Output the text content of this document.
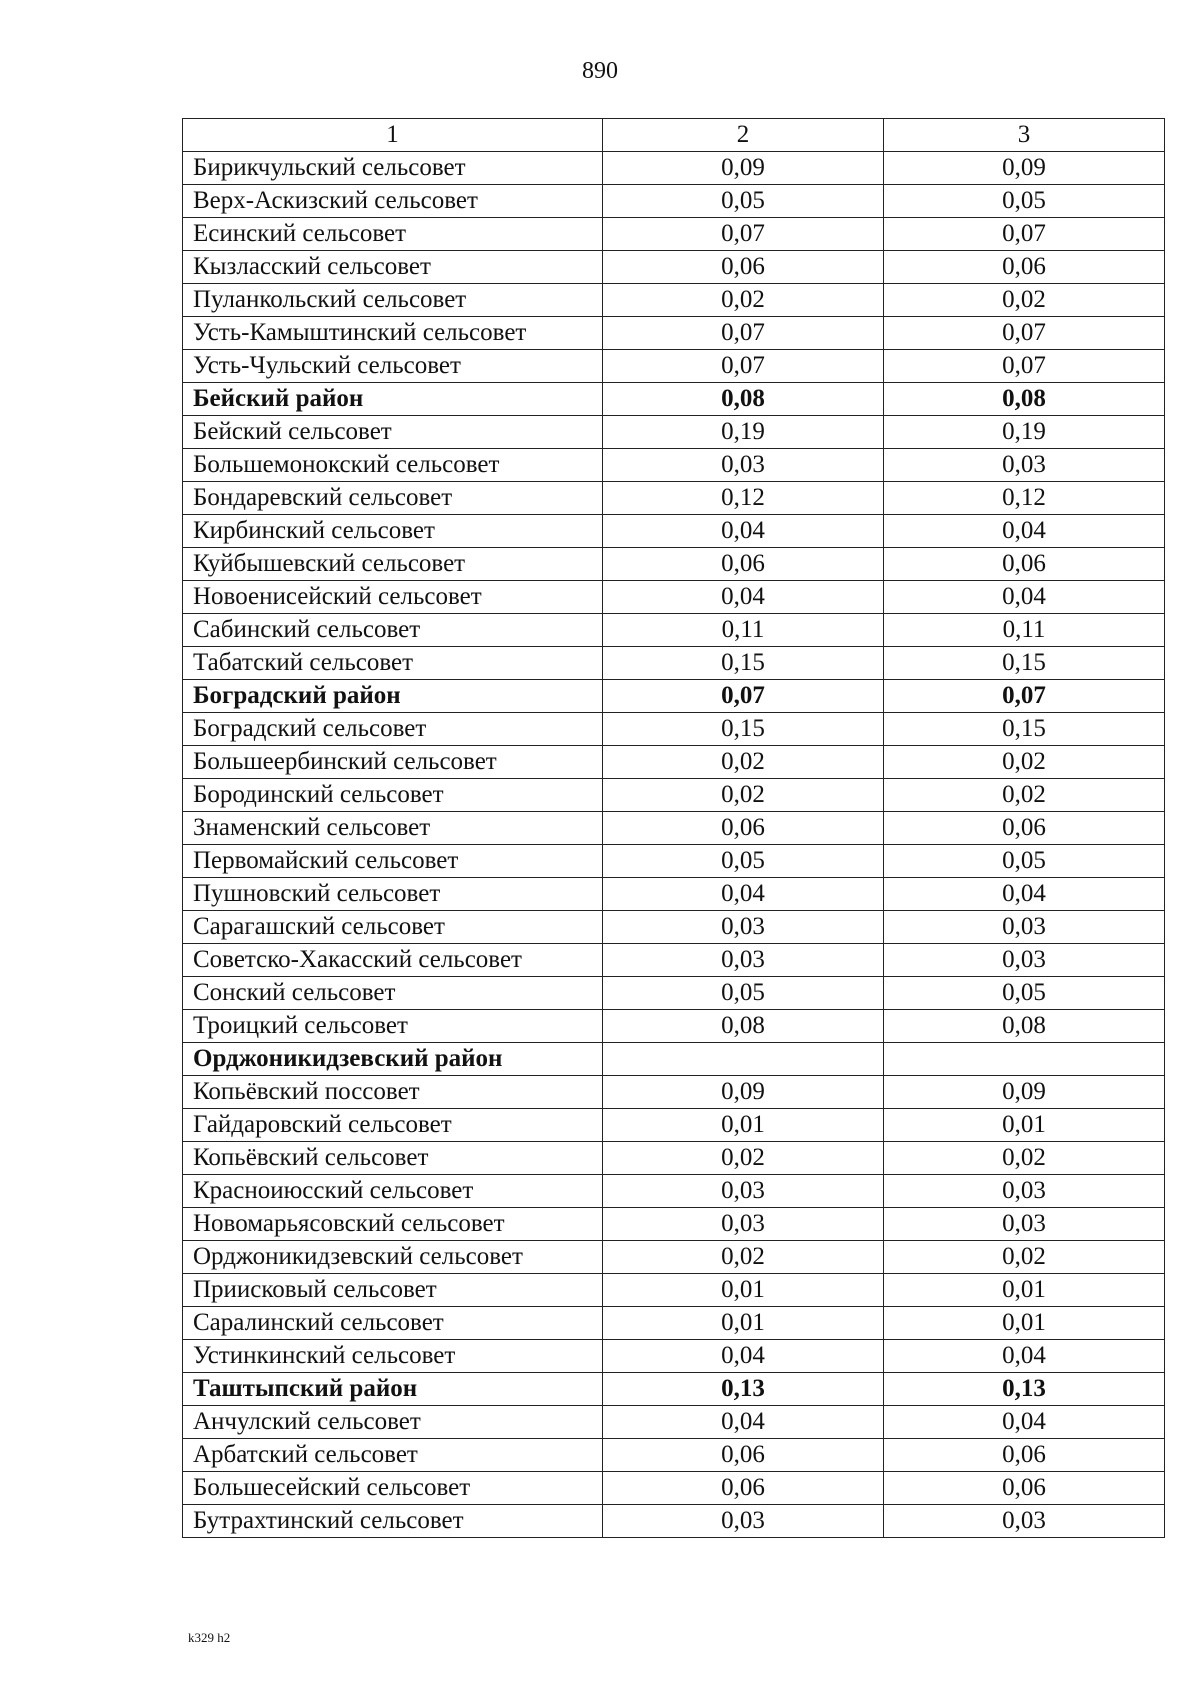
890
1	2	3
Бирикчульский сельсовет	0,09	0,09
Верх-Аскизский сельсовет	0,05	0,05
Есинский сельсовет	0,07	0,07
Кызласский сельсовет	0,06	0,06
Пуланкольский сельсовет	0,02	0,02
Усть-Камыштинский сельсовет	0,07	0,07
Усть-Чульский сельсовет	0,07	0,07
Бейский район	0,08	0,08
Бейский сельсовет	0,19	0,19
Большемонокский сельсовет	0,03	0,03
Бондаревский сельсовет	0,12	0,12
Кирбинский сельсовет	0,04	0,04
Куйбышевский сельсовет	0,06	0,06
Новоенисейский сельсовет	0,04	0,04
Сабинский сельсовет	0,11	0,11
Табатский сельсовет	0,15	0,15
Боградский район	0,07	0,07
Боградский сельсовет	0,15	0,15
Большеербинский сельсовет	0,02	0,02
Бородинский сельсовет	0,02	0,02
Знаменский сельсовет	0,06	0,06
Первомайский сельсовет	0,05	0,05
Пушновский сельсовет	0,04	0,04
Сарагашский сельсовет	0,03	0,03
Советско-Хакасский сельсовет	0,03	0,03
Сонский сельсовет	0,05	0,05
Троицкий сельсовет	0,08	0,08
Орджоникидзевский район		
Копьёвский поссовет	0,09	0,09
Гайдаровский сельсовет	0,01	0,01
Копьёвский сельсовет	0,02	0,02
Красноиюсский сельсовет	0,03	0,03
Новомарьясовский сельсовет	0,03	0,03
Орджоникидзевский сельсовет	0,02	0,02
Приисковый сельсовет	0,01	0,01
Саралинский сельсовет	0,01	0,01
Устинкинский сельсовет	0,04	0,04
Таштыпский район	0,13	0,13
Анчулский сельсовет	0,04	0,04
Арбатский сельсовет	0,06	0,06
Большесейский сельсовет	0,06	0,06
Бутрахтинский сельсовет	0,03	0,03
k329 h2
